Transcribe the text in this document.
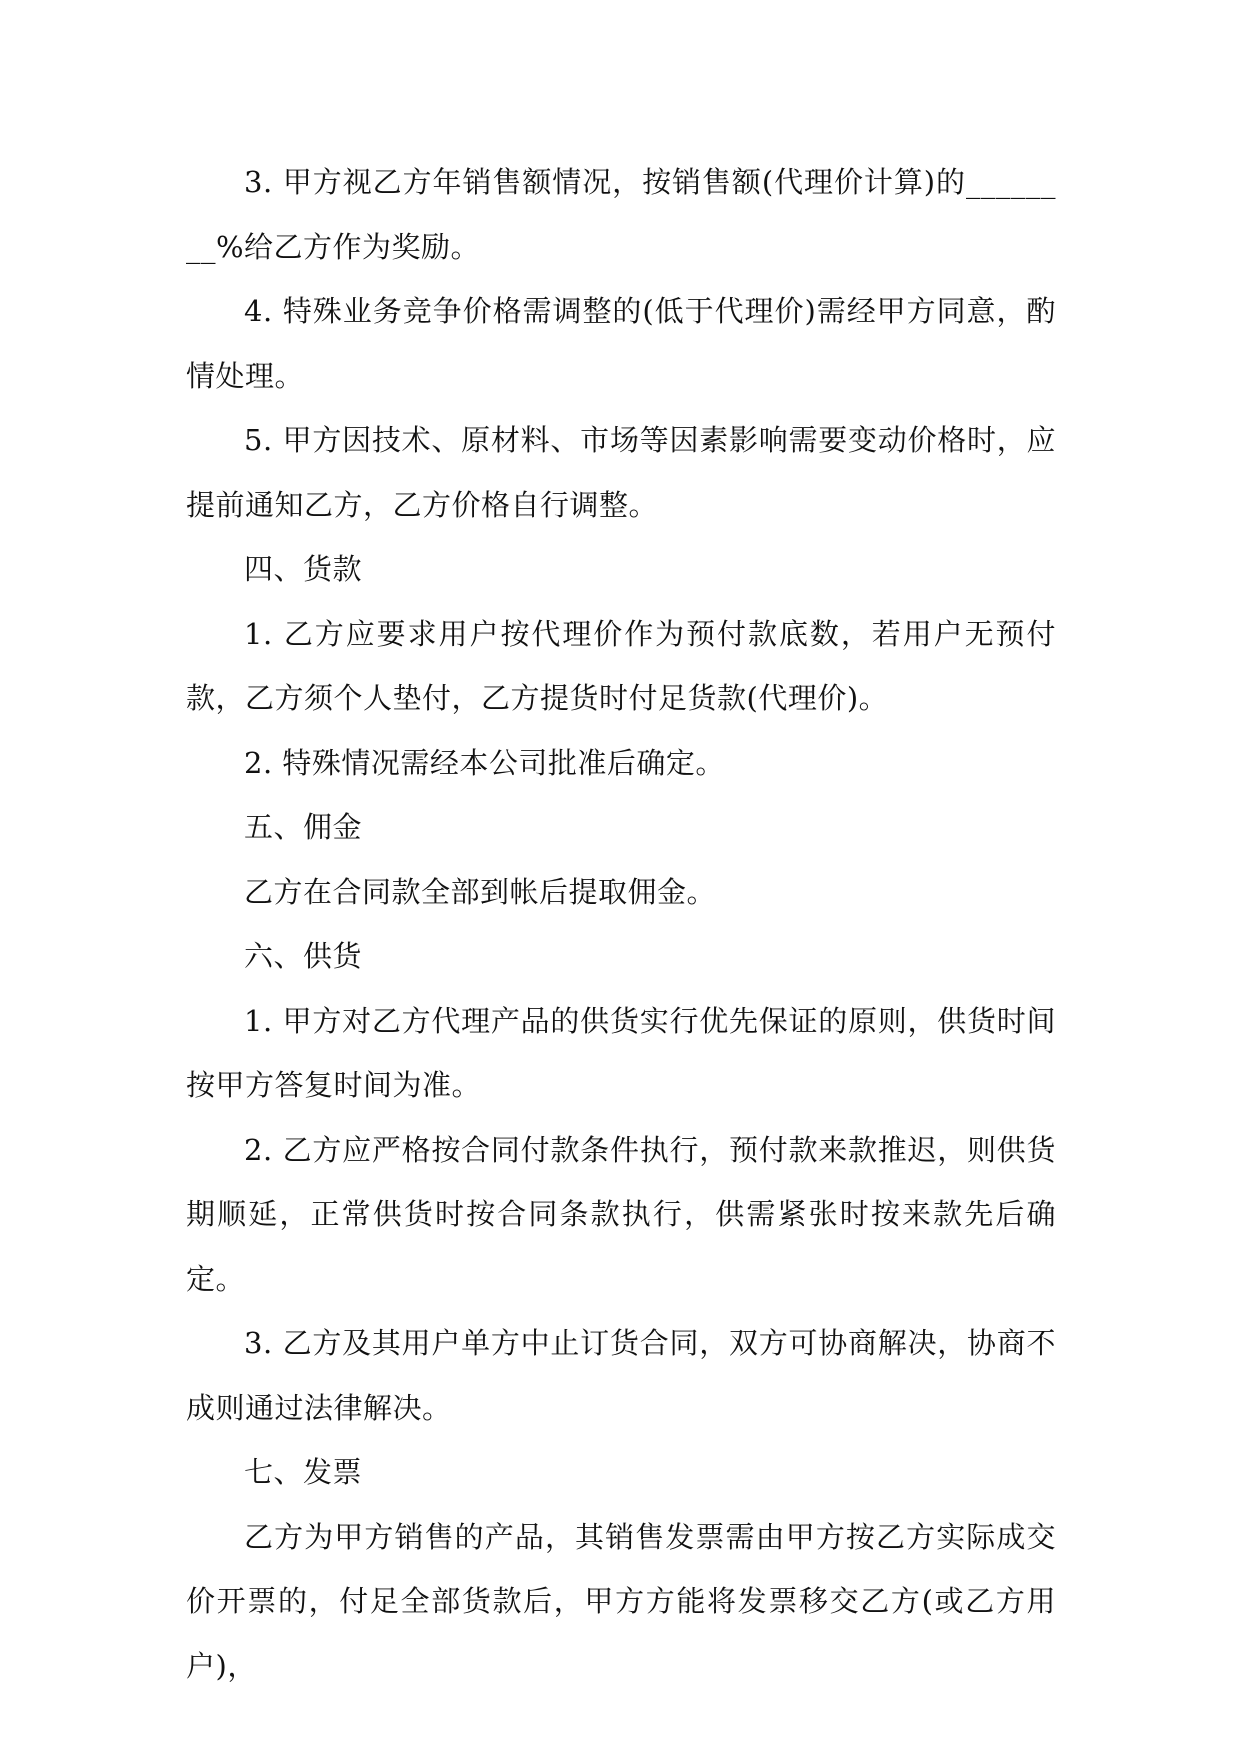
3. 甲方视乙方年销售额情况，按销售额(代理价计算)的________%给乙方作为奖励。

4. 特殊业务竞争价格需调整的(低于代理价)需经甲方同意，酌情处理。

5. 甲方因技术、原材料、市场等因素影响需要变动价格时，应提前通知乙方，乙方价格自行调整。

四、货款

1. 乙方应要求用户按代理价作为预付款底数，若用户无预付款，乙方须个人垫付，乙方提货时付足货款(代理价)。

2. 特殊情况需经本公司批准后确定。

五、佣金

乙方在合同款全部到帐后提取佣金。

六、供货

1. 甲方对乙方代理产品的供货实行优先保证的原则，供货时间按甲方答复时间为准。

2. 乙方应严格按合同付款条件执行，预付款来款推迟，则供货期顺延，正常供货时按合同条款执行，供需紧张时按来款先后确定。

3. 乙方及其用户单方中止订货合同，双方可协商解决，协商不成则通过法律解决。

七、发票

乙方为甲方销售的产品，其销售发票需由甲方按乙方实际成交价开票的，付足全部货款后，甲方方能将发票移交乙方(或乙方用户)，
